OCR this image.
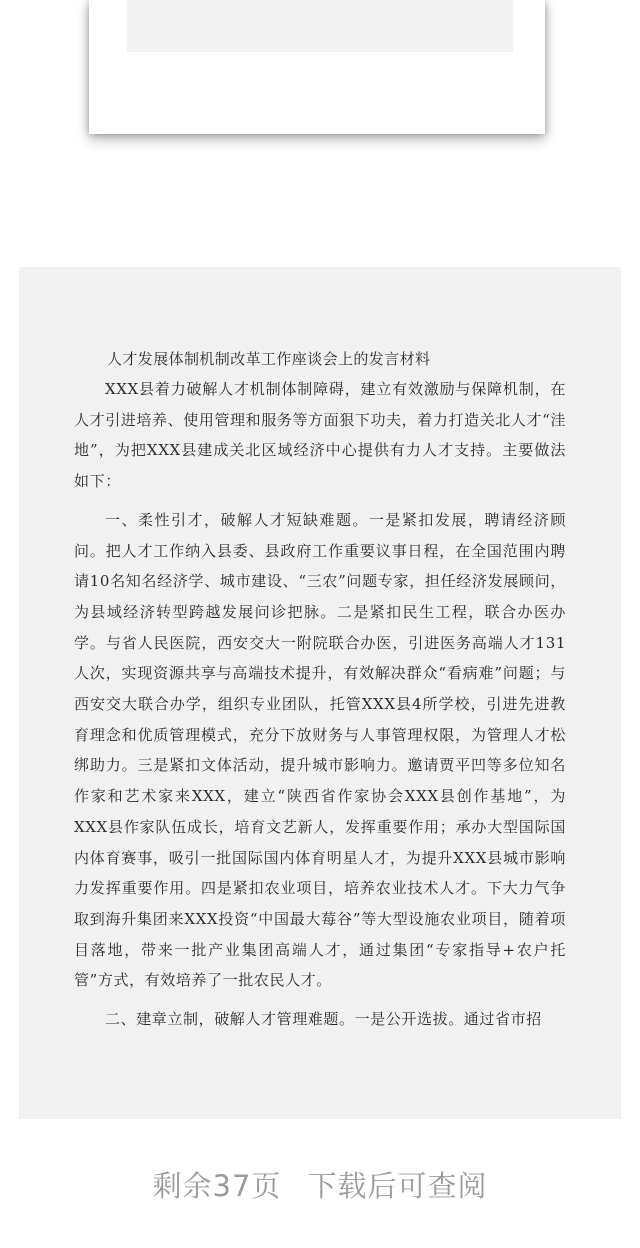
人才发展体制机制改革工作座谈会上的发言材料

XXX县着力破解人才机制体制障碍，建立有效激励与保障机制，在人才引进培养、使用管理和服务等方面狠下功夫，着力打造关北人才“洼地”，为把XXX县建成关北区域经济中心提供有力人才支持。主要做法如下：

一、柔性引才，破解人才短缺难题。一是紧扣发展，聘请经济顾问。把人才工作纳入县委、县政府工作重要议事日程，在全国范围内聘请10名知名经济学、城市建设、“三农”问题专家，担任经济发展顾问，为县域经济转型跨越发展问诊把脉。二是紧扣民生工程，联合办医办学。与省人民医院，西安交大一附院联合办医，引进医务高端人才131人次，实现资源共享与高端技术提升，有效解决群众“看病难”问题；与西安交大联合办学，组织专业团队，托管XXX县4所学校，引进先进教育理念和优质管理模式，充分下放财务与人事管理权限，为管理人才松绑助力。三是紧扣文体活动，提升城市影响力。邀请贾平凹等多位知名作家和艺术家来XXX，建立“陕西省作家协会XXX县创作基地”，为XXX县作家队伍成长，培育文艺新人，发挥重要作用；承办大型国际国内体育赛事，吸引一批国际国内体育明星人才，为提升XXX县城市影响力发挥重要作用。四是紧扣农业项目，培养农业技术人才。下大力气争取到海升集团来XXX投资“中国最大莓谷”等大型设施农业项目，随着项目落地，带来一批产业集团高端人才，通过集团“专家指导+农户托管”方式，有效培养了一批农民人才。

二、建章立制，破解人才管理难题。一是公开选拔。通过省市招

剩余37页 下载后可查阅
